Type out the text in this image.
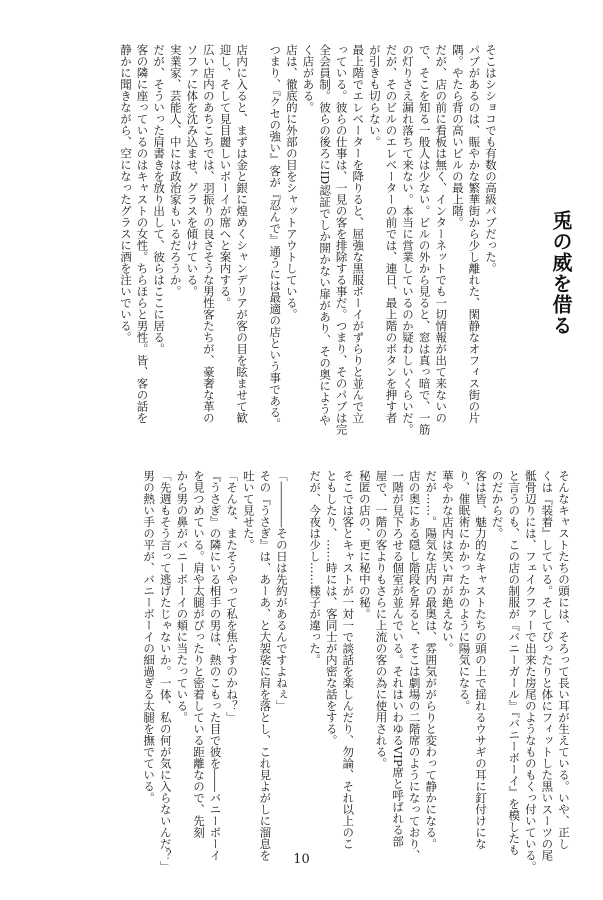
兎の威を借る

そこはシショコでも有数の高級パブだった。

パブがあるのは、賑やかな繁華街から少し離れた、閑静なオフィス街の片

隅。やたら背の高いビルの最上階。

だが、店の前に看板は無く、インターネットでも一切情報が出て来ないの

で、そこを知る一般人は少ない。ビルの外から見ると、窓は真っ暗で、一筋

の灯りさえ漏れ落ちて来ない。本当に営業しているのか疑わしいくらいだ。

だが、そのビルのエレベーターの前では、連日、最上階のボタンを押す者

が引きも切らない。

最上階でエレベーターを降りると、屈強な黒服ボーイがずらりと並んで立

っている。彼らの仕事は、一見の客を排除する事だ。つまり、そのパブは完

全会員制。彼らの後ろにID認証でしか開かない扉があり、その奥にようや

く店がある。

店は、徹底的に外部の目をシャットアウトしている。

つまり、『クセの強い』客が『忍んで』通うには最適の店という事である。

店内に入ると、まずは金と銀に煌めくシャンデリアが客の目を眩ませて歓

迎し、そして見目麗しいボーイが席へと案内する。

広い店内のあちこちでは、羽振りの良さそうな男性客たちが、豪奢な革の

ソファに体を沈み込ませ、グラスを傾けている。

実業家、芸能人、中には政治家もいるだろうか。

だが、そういった肩書きを放り出して、彼らはここに居る。

客の隣に座っているのはキャストの女性。ちらほらと男性。皆、客の話を

静かに聞きながら、空になったグラスに酒を注いでいる。

そんなキャストたちの頭には、そろって長い耳が生えている。いや、正し

くは『装着』している。そしてぴったりと体にフィットした黒いスーツの尾

骶骨辺りには、フェイクファーで出来た房尾のようなものもくっ付いている。

と言うのも、この店の制服が『バニーガール』『バニーボーイ』を模したも

のだからだ。

客は皆、魅力的なキャストたちの頭の上で揺れるウサギの耳に釘付けにな

り、催眠術にかかったかのように陽気になる。

華やかな店内は笑い声が絶えない。

だが……。陽気な店内の最奥は、雰囲気ががらりと変わって静かになる。

店の奥にある隠し階段を昇ると、そこは劇場の二階席のようになっており、

一階が見下ろせる個室が並んでいる。それはいわゆるVIP席と呼ばれる部

屋で、一階の客よりもさらに上流の客の為に使用される。

秘匿の店の、更に秘中の秘。

そこでは客とキャストが一対一で談話を楽しんだり、勿論、それ以上のこ

ともしたり、……時には、客同士が内密な話をする。

だが、今夜は少し……様子が違った。

「――――その日は先約があるんですよねぇ」

その『うさぎ』は、あーあ、と大袈裟に肩を落とし、これ見よがしに溜息を

吐いて見せた。

「そんな、またそうやって私を焦らすのかね？」

『うさぎ』の隣にいる相手の男は、熱のこもった目で彼を――バニーボーイ

を見つめている。肩や太腿がぴったりと密着している距離なので、先刻

から男の鼻がバニーボーイの頬に当たっている。

「先週もそう言って逃げたじゃないか。一体、私の何が気に入らないんだ？」

男の熱い手の平が、バニーボーイの細過ぎる太腿を撫でている。

10
